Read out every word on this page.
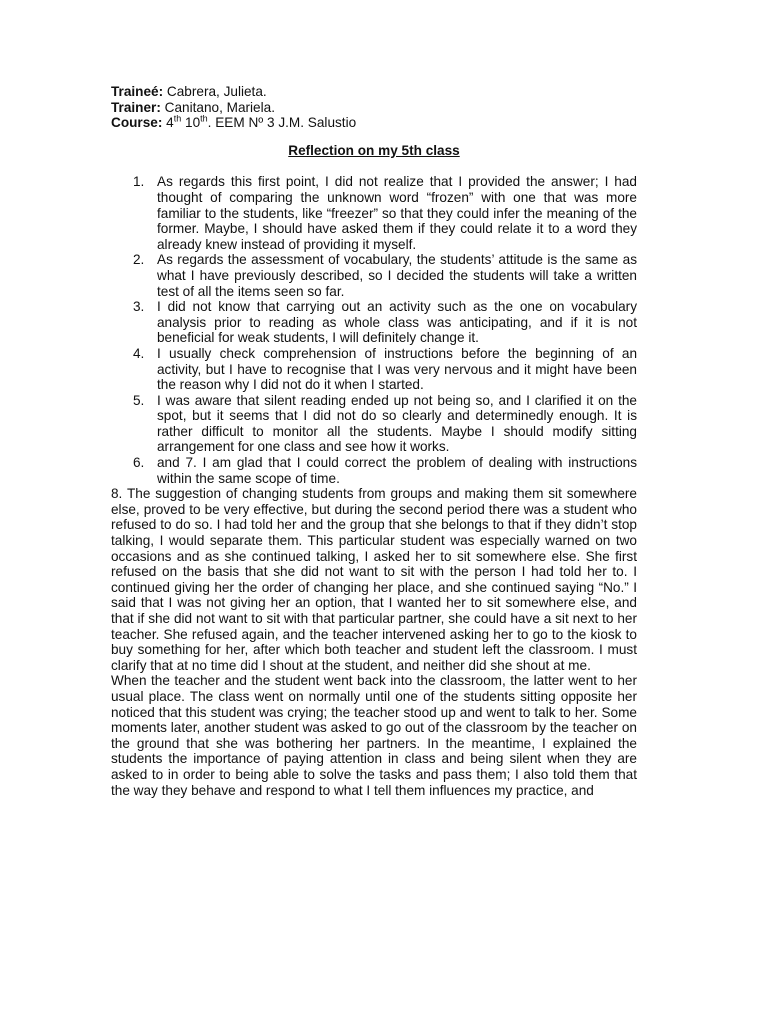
Traineé: Cabrera, Julieta.
Trainer: Canitano, Mariela.
Course: 4th 10th. EEM Nº 3 J.M. Salustio
Reflection on my 5th class
1. As regards this first point, I did not realize that I provided the answer; I had thought of comparing the unknown word “frozen” with one that was more familiar to the students, like “freezer” so that they could infer the meaning of the former. Maybe, I should have asked them if they could relate it to a word they already knew instead of providing it myself.
2. As regards the assessment of vocabulary, the students’ attitude is the same as what I have previously described, so I decided the students will take a written test of all the items seen so far.
3. I did not know that carrying out an activity such as the one on vocabulary analysis prior to reading as whole class was anticipating, and if it is not beneficial for weak students, I will definitely change it.
4. I usually check comprehension of instructions before the beginning of an activity, but I have to recognise that I was very nervous and it might have been the reason why I did not do it when I started.
5. I was aware that silent reading ended up not being so, and I clarified it on the spot, but it seems that I did not do so clearly and determinedly enough. It is rather difficult to monitor all the students. Maybe I should modify sitting arrangement for one class and see how it works.
6. and 7. I am glad that I could correct the problem of dealing with instructions within the same scope of time.
8. The suggestion of changing students from groups and making them sit somewhere else, proved to be very effective, but during the second period there was a student who refused to do so. I had told her and the group that she belongs to that if they didn’t stop talking, I would separate them. This particular student was especially warned on two occasions and as she continued talking, I asked her to sit somewhere else. She first refused on the basis that she did not want to sit with the person I had told her to. I continued giving her the order of changing her place, and she continued saying “No.” I said that I was not giving her an option, that I wanted her to sit somewhere else, and that if she did not want to sit with that particular partner, she could have a sit next to her teacher. She refused again, and the teacher intervened asking her to go to the kiosk to buy something for her, after which both teacher and student left the classroom. I must clarify that at no time did I shout at the student, and neither did she shout at me.
When the teacher and the student went back into the classroom, the latter went to her usual place. The class went on normally until one of the students sitting opposite her noticed that this student was crying; the teacher stood up and went to talk to her. Some moments later, another student was asked to go out of the classroom by the teacher on the ground that she was bothering her partners. In the meantime, I explained the students the importance of paying attention in class and being silent when they are asked to in order to being able to solve the tasks and pass them; I also told them that the way they behave and respond to what I tell them influences my practice, and
